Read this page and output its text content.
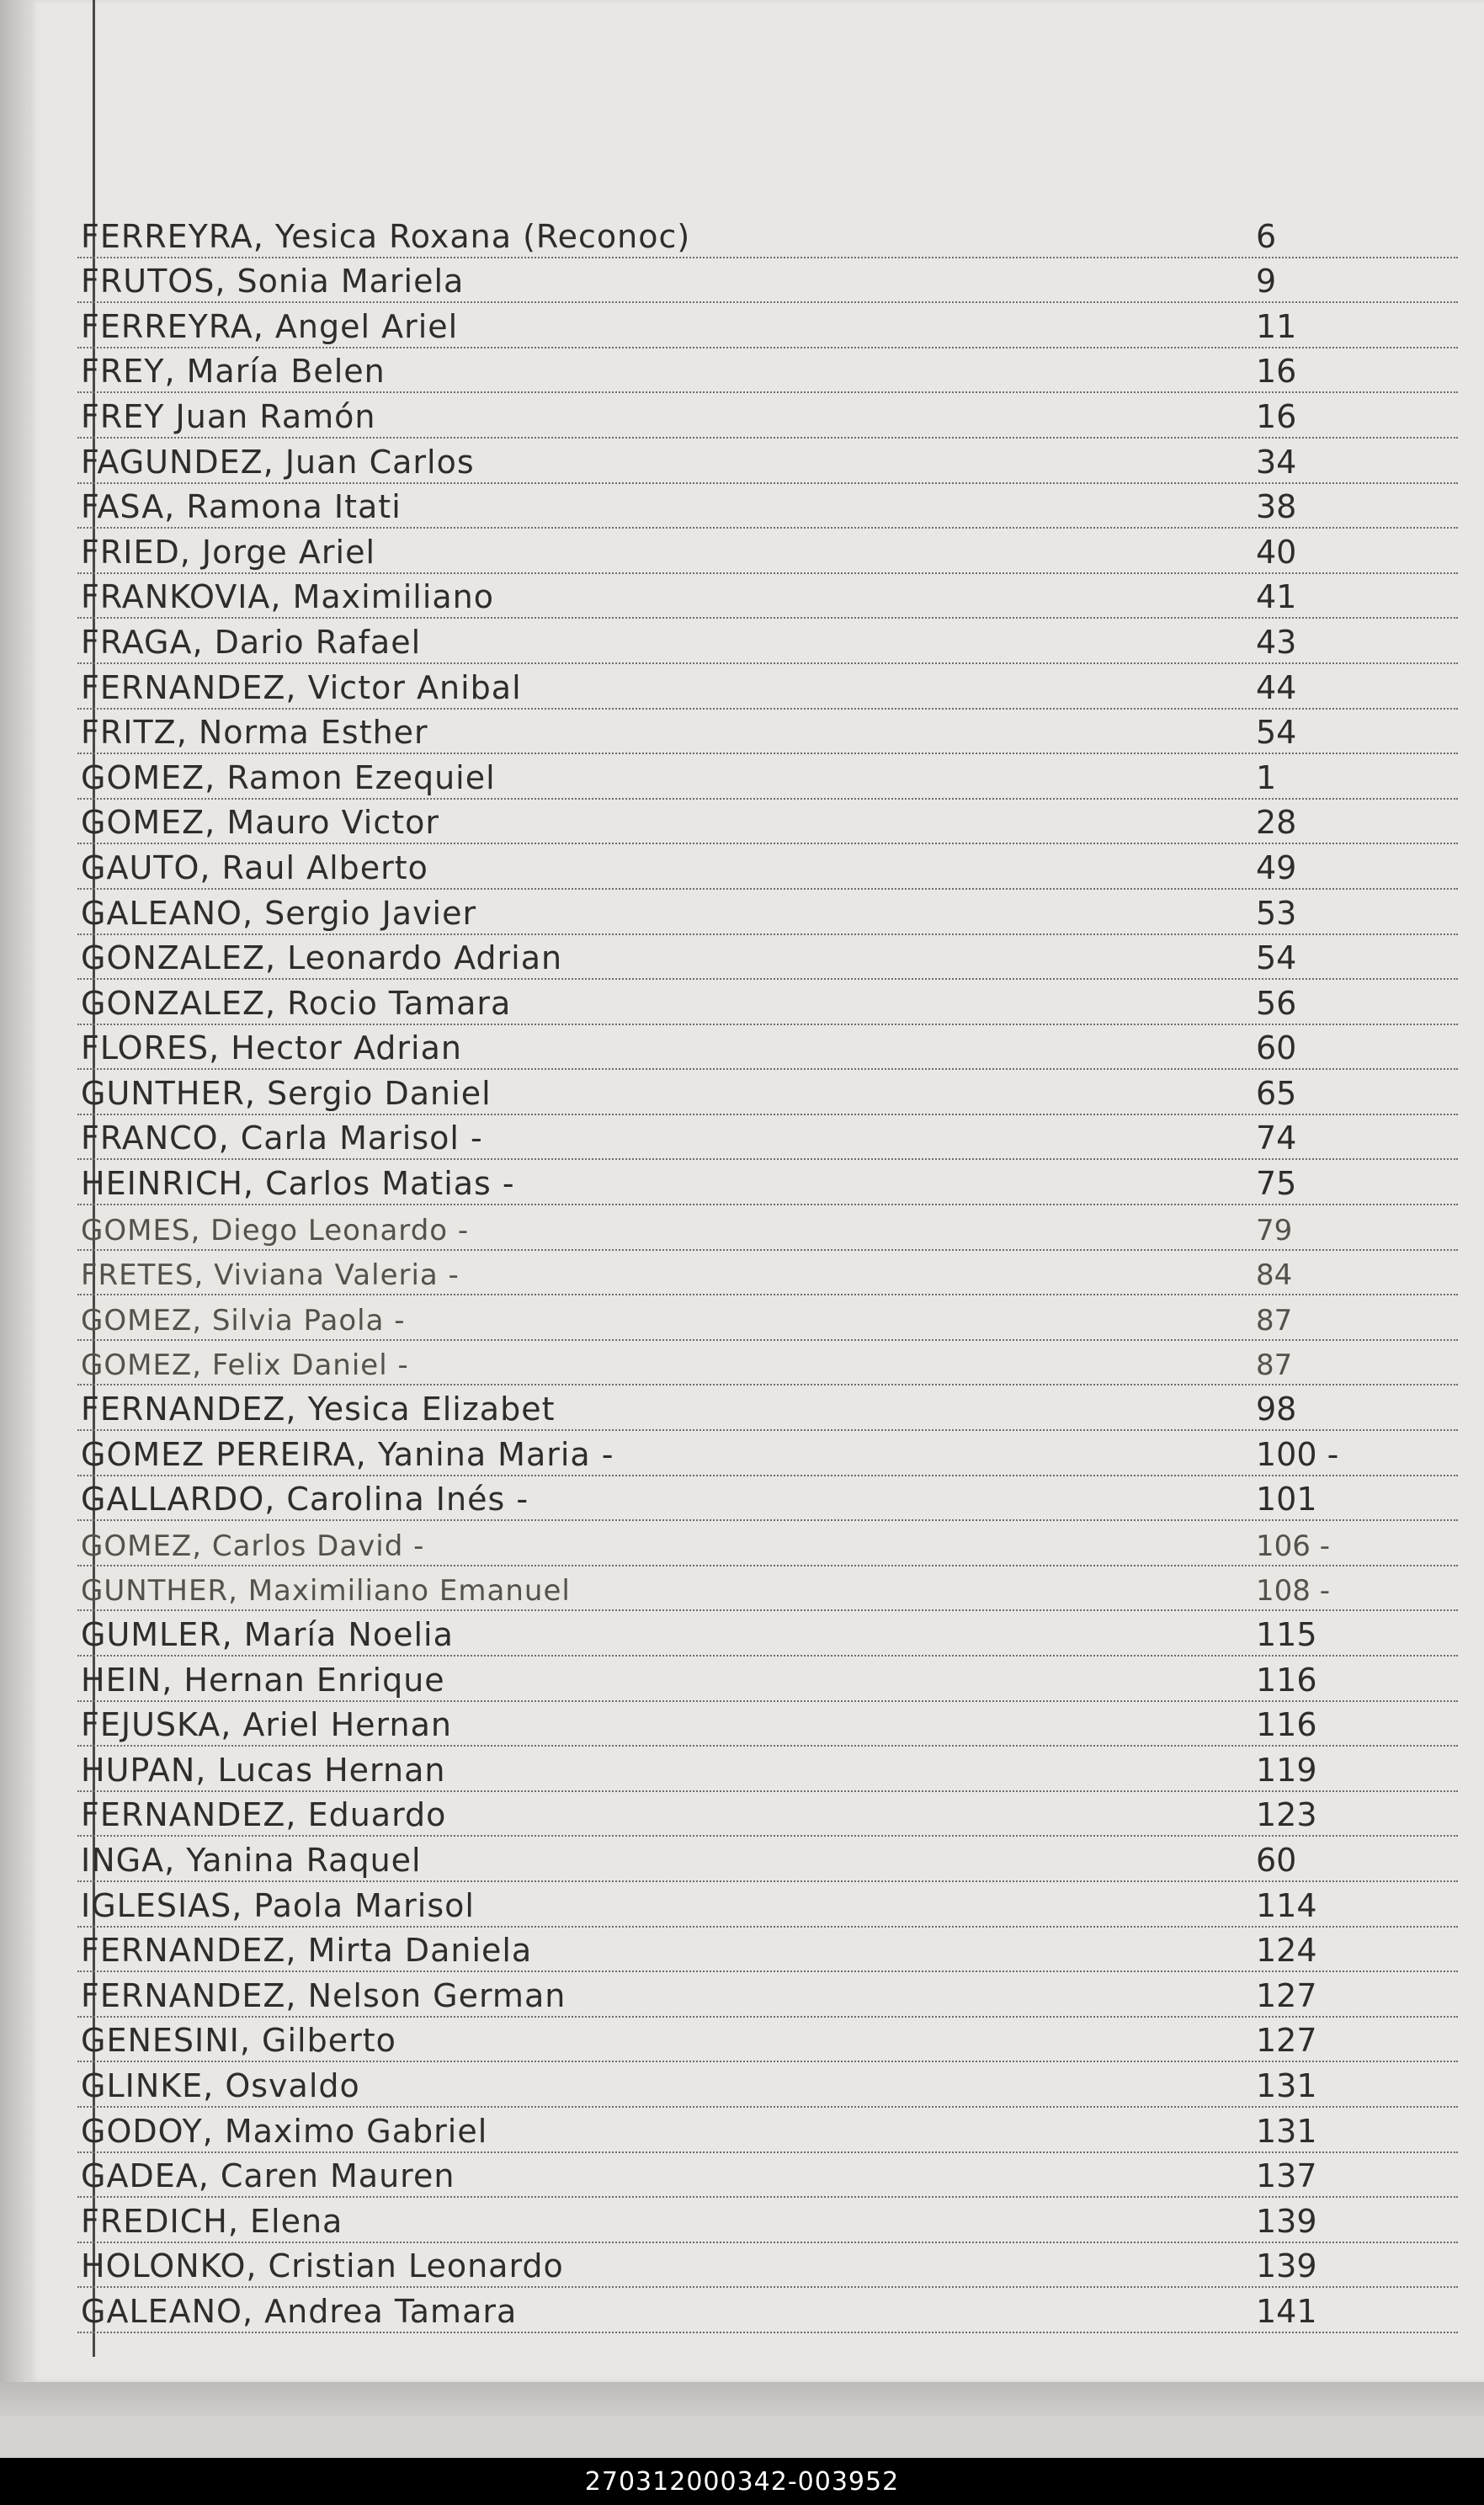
FERREYRA, Yesica Roxana (Reconoc)	6
FRUTOS, Sonia Mariela	9
FERREYRA, Angel Ariel	11
FREY, María Belen	16
FREY Juan Ramón	16
FAGUNDEZ, Juan Carlos	34
FASA, Ramona Itati	38
FRIED, Jorge Ariel	40
FRANKOVIA, Maximiliano	41
FRAGA, Dario Rafael	43
FERNANDEZ, Victor Anibal	44
FRITZ, Norma Esther	54
GOMEZ, Ramon Ezequiel	1
GOMEZ, Mauro Victor	28
GAUTO, Raul Alberto	49
GALEANO, Sergio Javier	53
GONZALEZ, Leonardo Adrian	54
GONZALEZ, Rocio Tamara	56
FLORES, Hector Adrian	60
GUNTHER, Sergio Daniel	65
FRANCO, Carla Marisol -	74
HEINRICH, Carlos Matias -	75
GOMES, Diego Leonardo -	79
FRETES, Viviana Valeria -	84
GOMEZ, Silvia Paola -	87
GOMEZ, Felix Daniel -	87
FERNANDEZ, Yesica Elizabet	98
GOMEZ PEREIRA, Yanina Maria -	100 -
GALLARDO, Carolina Inés -	101
GOMEZ, Carlos David -	106 -
GUNTHER, Maximiliano Emanuel	108 -
GUMLER, María Noelia	115
HEIN, Hernan Enrique	116
FEJUSKA, Ariel Hernan	116
HUPAN, Lucas Hernan	119
FERNANDEZ, Eduardo	123
INGA, Yanina Raquel	60
IGLESIAS, Paola Marisol	114
FERNANDEZ, Mirta Daniela	124
FERNANDEZ, Nelson German	127
GENESINI, Gilberto	127
GLINKE, Osvaldo	131
GODOY, Maximo Gabriel	131
GADEA, Caren Mauren	137
FREDICH, Elena	139
HOLONKO, Cristian Leonardo	139
GALEANO, Andrea Tamara	141
270312000342-003952
